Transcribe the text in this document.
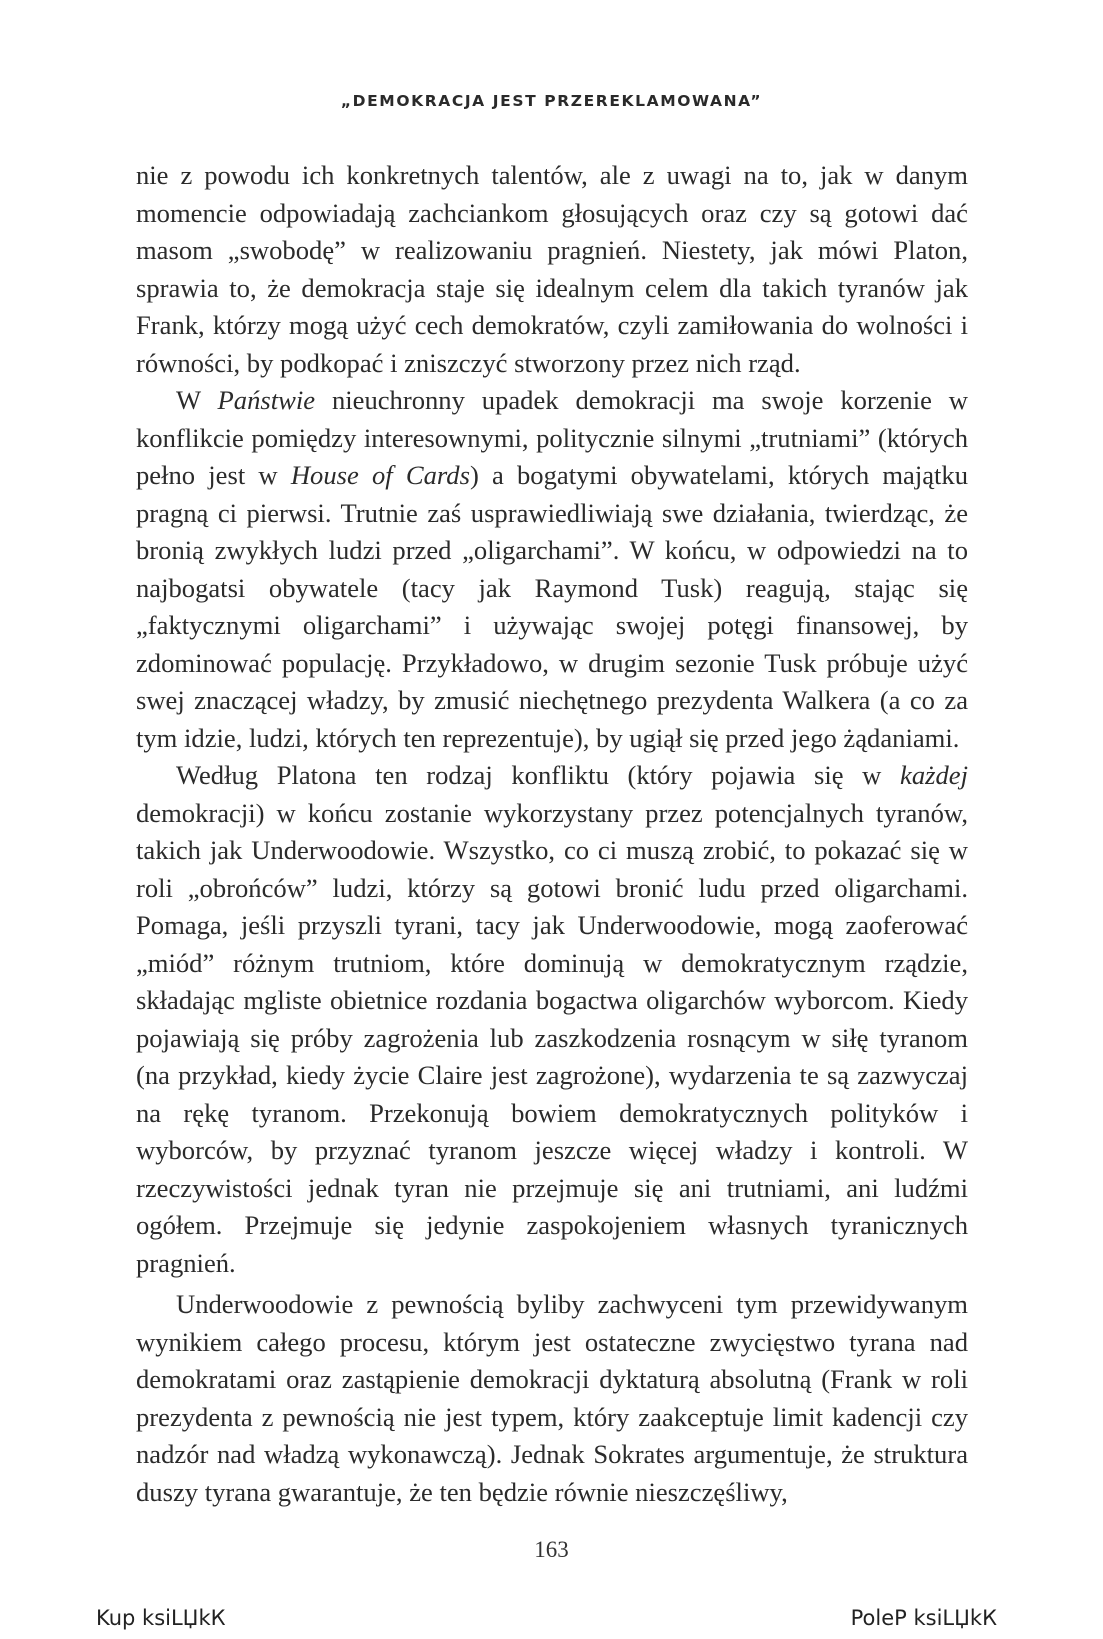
„DEMOKRACJA JEST PRZEREKLAMOWANA”

nie z powodu ich konkretnych talentów, ale z uwagi na to, jak w danym momencie odpowiadają zachciankom głosujących oraz czy są gotowi dać masom „swobodę” w realizowaniu pragnień. Niestety, jak mówi Platon, sprawia to, że demokracja staje się idealnym celem dla takich tyranów jak Frank, którzy mogą użyć cech demokratów, czyli zamiłowania do wolności i równości, by podkopać i zniszczyć stworzony przez nich rząd.

W Państwie nieuchronny upadek demokracji ma swoje korzenie w konflikcie pomiędzy interesownymi, politycznie silnymi „trutniami” (których pełno jest w House of Cards) a bogatymi obywatelami, których majątku pragną ci pierwsi. Trutnie zaś usprawiedliwiają swe działania, twierdząc, że bronią zwykłych ludzi przed „oligarchami”. W końcu, w odpowiedzi na to najbogatsi obywatele (tacy jak Raymond Tusk) reagują, stając się „faktycznymi oligarchami” i używając swojej potęgi finansowej, by zdominować populację. Przykładowo, w drugim sezonie Tusk próbuje użyć swej znaczącej władzy, by zmusić niechętnego prezydenta Walkera (a co za tym idzie, ludzi, których ten reprezentuje), by ugiął się przed jego żądaniami.

Według Platona ten rodzaj konfliktu (który pojawia się w każdej demokracji) w końcu zostanie wykorzystany przez potencjalnych tyranów, takich jak Underwoodowie. Wszystko, co ci muszą zrobić, to pokazać się w roli „obrońców” ludzi, którzy są gotowi bronić ludu przed oligarchami. Pomaga, jeśli przyszli tyrani, tacy jak Underwoodowie, mogą zaoferować „miód” różnym trutniom, które dominują w demokratycznym rządzie, składając mgliste obietnice rozdania bogactwa oligarchów wyborcom. Kiedy pojawiają się próby zagrożenia lub zaszkodzenia rosnącym w siłę tyranom (na przykład, kiedy życie Claire jest zagrożone), wydarzenia te są zazwyczaj na rękę tyranom. Przekonują bowiem demokratycznych polityków i wyborców, by przyznać tyranom jeszcze więcej władzy i kontroli. W rzeczywistości jednak tyran nie przejmuje się ani trutniami, ani ludźmi ogółem. Przejmuje się jedynie zaspokojeniem własnych tyranicznych pragnień.

Underwoodowie z pewnością byliby zachwyceni tym przewidywanym wynikiem całego procesu, którym jest ostateczne zwycięstwo tyrana nad demokratami oraz zastąpienie demokracji dyktaturą absolutną (Frank w roli prezydenta z pewnością nie jest typem, który zaakceptuje limit kadencji czy nadzór nad władzą wykonawczą). Jednak Sokrates argumentuje, że struktura duszy tyrana gwarantuje, że ten będzie równie nieszczęśliwy,

163
Kup ksiLЏkК	PoleР ksiLЏkК
